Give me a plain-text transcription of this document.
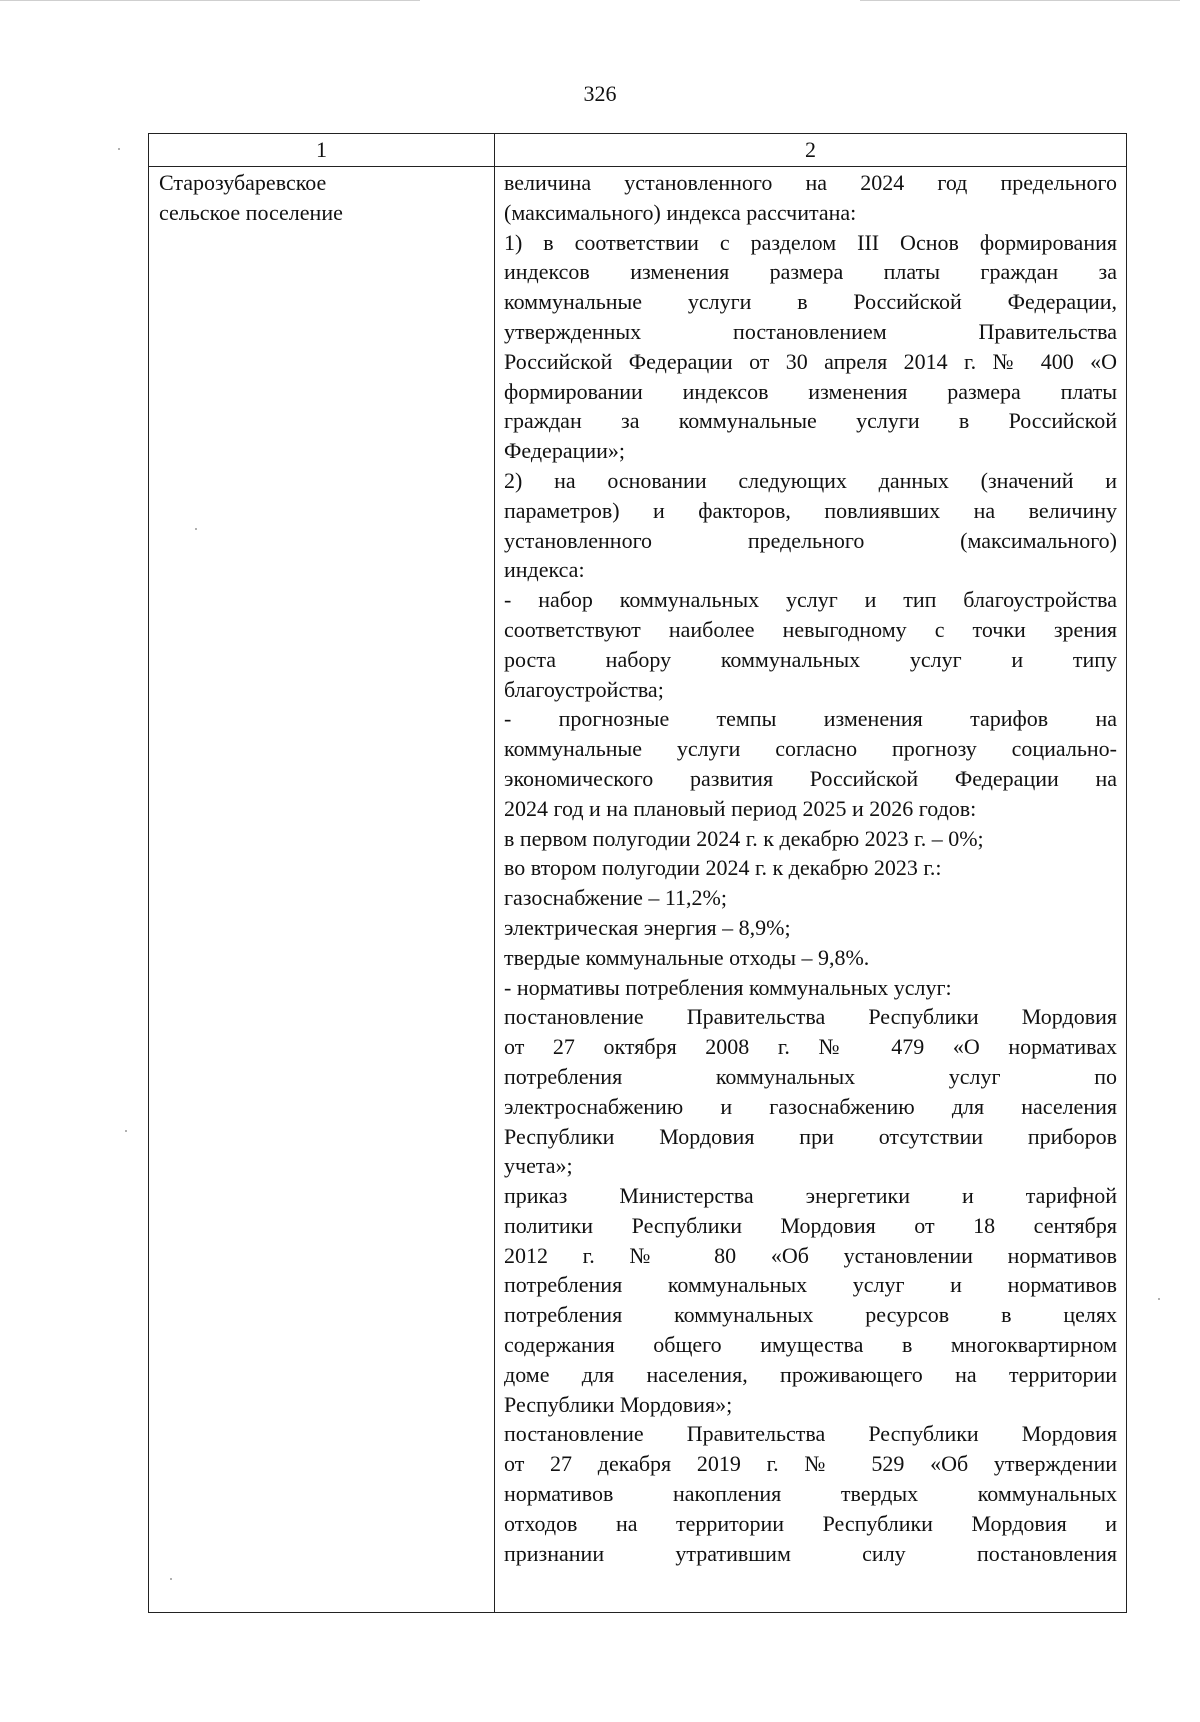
326
1	2
Старозубаревское
сельское поселение
величина установленного на 2024 год предельного
(максимального) индекса рассчитана:
1) в соответствии с разделом III Основ формирования
индексов изменения размера платы граждан за
коммунальные услуги в Российской Федерации,
утвержденных постановлением Правительства
Российской Федерации от 30 апреля 2014 г. № 400 «О
формировании индексов изменения размера платы
граждан за коммунальные услуги в Российской
Федерации»;
2) на основании следующих данных (значений и
параметров) и факторов, повлиявших на величину
установленного предельного (максимального)
индекса:
- набор коммунальных услуг и тип благоустройства
соответствуют наиболее невыгодному с точки зрения
роста набору коммунальных услуг и типу
благоустройства;
- прогнозные темпы изменения тарифов на
коммунальные услуги согласно прогнозу социально-
экономического развития Российской Федерации на
2024 год и на плановый период 2025 и 2026 годов:
в первом полугодии 2024 г. к декабрю 2023 г. – 0%;
во втором полугодии 2024 г. к декабрю 2023 г.:
газоснабжение – 11,2%;
электрическая энергия – 8,9%;
твердые коммунальные отходы – 9,8%.
- нормативы потребления коммунальных услуг:
постановление Правительства Республики Мордовия
от 27 октября 2008 г. № 479 «О нормативах
потребления коммунальных услуг по
электроснабжению и газоснабжению для населения
Республики Мордовия при отсутствии приборов
учета»;
приказ Министерства энергетики и тарифной
политики Республики Мордовия от 18 сентября
2012 г. № 80 «Об установлении нормативов
потребления коммунальных услуг и нормативов
потребления коммунальных ресурсов в целях
содержания общего имущества в многоквартирном
доме для населения, проживающего на территории
Республики Мордовия»;
постановление Правительства Республики Мордовия
от 27 декабря 2019 г. № 529 «Об утверждении
нормативов накопления твердых коммунальных
отходов на территории Республики Мордовия и
признании утратившим силу постановления
